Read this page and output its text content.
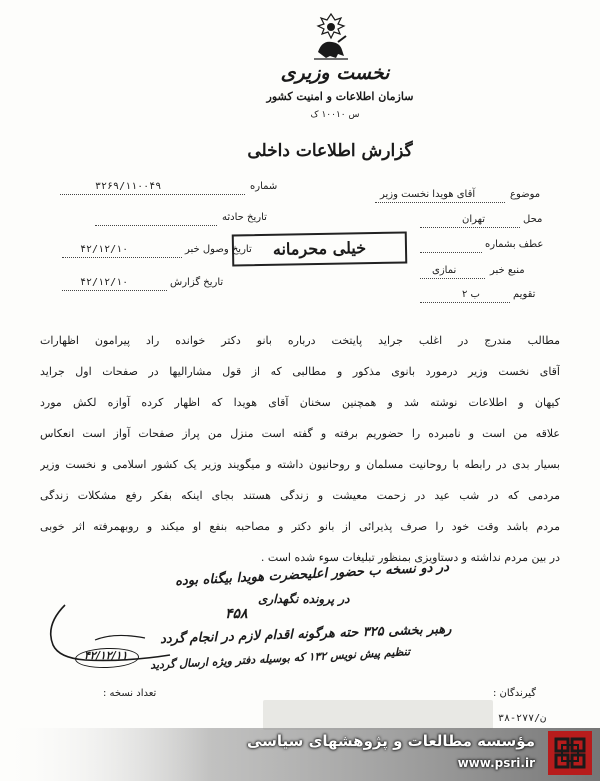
نخست وزیری
سازمان اطلاعات و امنیت کشور
س ۱۰۰۱۰ ک
گزارش اطلاعات داخلی
شماره
۳۲۶۹/۱۱۰۰۴۹
تاریخ حادثه
تاریخ وصول خبر
۴۲/۱۲/۱۰
تاریخ گزارش
۴۲/۱۲/۱۰
موضوع
آقای هویدا نخست وزیر
محل
تهران
عطف بشماره
منبع خبر
نمازی
تقویم
ب ۲
خیلی محرمانه
مطالب مندرج در اغلب جراید پایتخت درباره بانو دکتر خوانده راد پیرامون اظهارات
آقای نخست وزیر درمورد بانوی مذکور و مطالبی که از قول مشارالیها در صفحات اول جراید
کیهان و اطلاعات نوشته شد و همچنین سخنان آقای هویدا که اظهار کرده آوازه لکش مورد
علاقه من است و نامبرده را حضوریم برفته و گفته است منزل من پراز صفحات آواز است انعکاس
بسیار بدی در رابطه با روحانیت مسلمان و روحانیون داشته و میگویند وزیر یک کشور اسلامی و نخست وزیر
مردمی که در شب عید در زحمت معیشت و زندگی هستند بجای اینکه بفکر رفع مشکلات زندگی
مردم باشد وقت خود را صرف پذیرائی از بانو دکتر و مصاحبه بنفع او میکند و روبهمرفته اثر خوبی
در بین مردم نداشته و دستاویزی بمنظور تبلیغات سوء شده است .
در دو نسخه ب حضور اعلیحضرت هویدا بیگناه بوده
در پرونده نگهداری
۴۵۸
رهبر بخشی ۳۲۵ حته هرگونه اقدام لازم در انجام گردد
تنظیم پیش نویس ۱۳۲ که بوسیله دفتر ویژه ارسال گردید
۴۲/۱۲/۱۱
گیرندگان :
تعداد نسخه :
۳۸-۲۷۷/ن
مؤسسه مطالعات و پژوهشهای سیاسی
www.psri.ir
